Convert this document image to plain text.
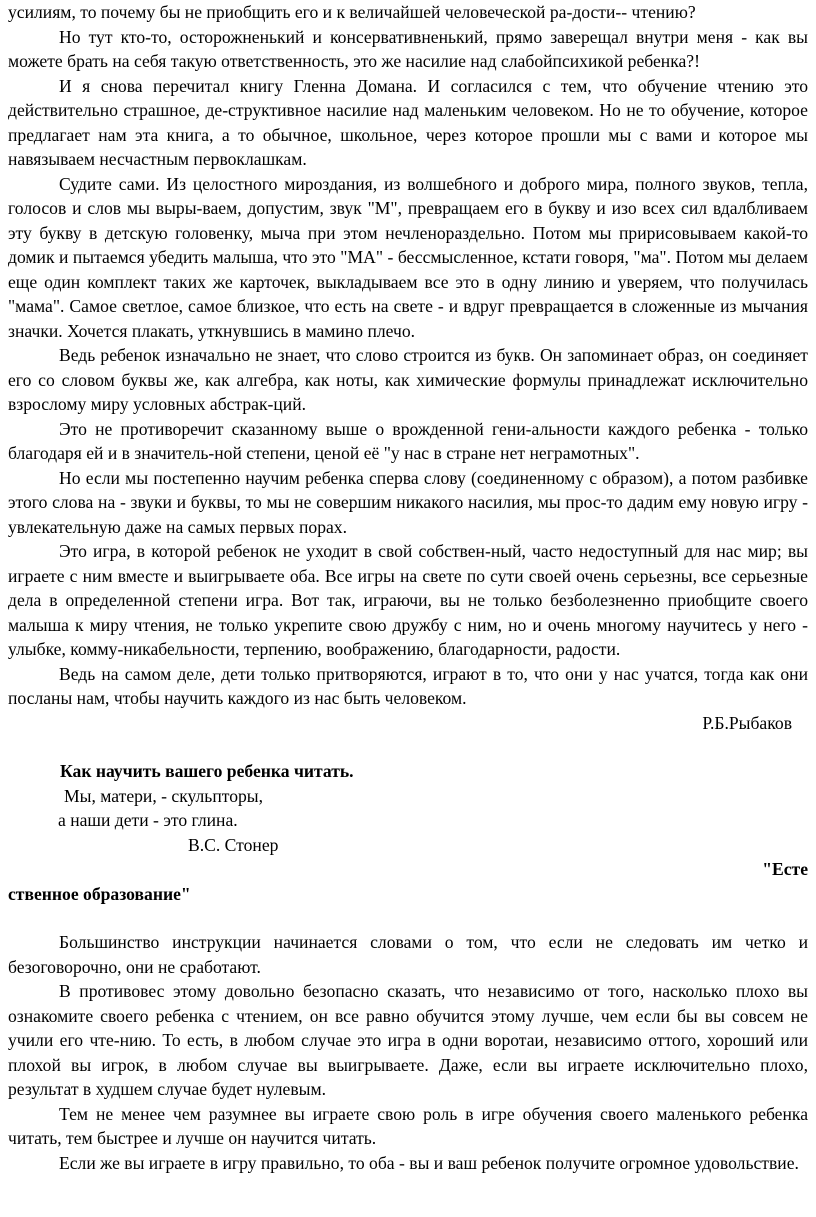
усилиям, то почему бы не приобщить его и к величайшей человеческой ра-дости-- чтению?

Но тут кто-то, осторожненький и консервативненький, прямо заверещал внутри меня - как вы можете брать на себя такую ответственность, это же насилие над слабойпсихикой ребенка?!

И я снова перечитал книгу Гленна Домана. И согласился с тем, что обучение чтению это действительно страшное, де-структивное насилие над маленьким человеком. Но не то обучение, которое предлагает нам эта книга, а то обычное, школьное, через которое прошли мы с вами и которое мы навязываем несчастным первоклашкам.

Судите сами. Из целостного мироздания, из волшебного и доброго мира, полного звуков, тепла, голосов и слов мы выры-ваем, допустим, звук "М", превращаем его в букву и изо всех сил вдалбливаем эту букву в детскую головенку, мыча при этом нечленораздельно. Потом мы пририсовываем какой-то домик и пытаемся убедить малыша, что это "МА" - бессмысленное, кстати говоря, "ма". Потом мы делаем еще один комплект таких же карточек, выкладываем все это в одну линию и уверяем, что получилась "мама". Самое светлое, самое близкое, что есть на свете - и вдруг превращается в сложенные из мычания значки. Хочется плакать, уткнувшись в мамино плечо.

Ведь ребенок изначально не знает, что слово строится из букв. Он запоминает образ, он соединяет его со словом буквы же, как алгебра, как ноты, как химические формулы принадлежат исключительно взрослому миру условных абстрак-ций.

Это не противоречит сказанному выше о врожденной гени-альности каждого ребенка - только благодаря ей и в значитель-ной степени, ценой её "у нас в стране нет неграмотных".

Но если мы постепенно научим ребенка сперва слову (соединенному с образом), а потом разбивке этого слова на - звуки и буквы, то мы не совершим никакого насилия, мы прос-то дадим ему новую игру - увлекательную даже на самых первых порах.

Это игра, в которой ребенок не уходит в свой собствен-ный, часто недоступный для нас мир; вы играете с ним вместе и выигрываете оба. Все игры на свете по сути своей очень серьезны, все серьезные дела в определенной степени игра. Вот так, играючи, вы не только безболезненно приобщите своего малыша к миру чтения, не только укрепите свою дружбу с ним, но и очень многому научитесь у него - улыбке, комму-никабельности, терпению, воображению, благодарности, радости.

Ведь на самом деле, дети только притворяются, играют в то, что они у нас учатся, тогда как они посланы нам, чтобы научить каждого из нас быть человеком.

Р.Б.Рыбаков

Как научить вашего ребенка читать.

Мы, матери, - скульпторы,

а наши дети - это глина.

В.С. Стонер

"Есте

ственное образование"

Большинство инструкции начинается словами о том, что если не следовать им четко и безоговорочно, они не сработают.

В противовес этому довольно безопасно сказать, что независимо от того, насколько плохо вы ознакомите своего ребенка с чтением, он все равно обучится этому лучше, чем если бы вы совсем не учили его чте-нию. То есть, в любом случае это игра в одни воротаи, независимо оттого, хороший или плохой вы игрок, в любом случае вы выигрываете. Даже, если вы играете исключительно плохо, результат в худшем случае будет нулевым.

Тем не менее чем разумнее вы играете свою роль в игре обучения своего маленького ребенка читать, тем быстрее и лучше он научится читать.

Если же вы играете в игру правильно, то оба - вы и ваш ребенок получите огромное удовольствие.
